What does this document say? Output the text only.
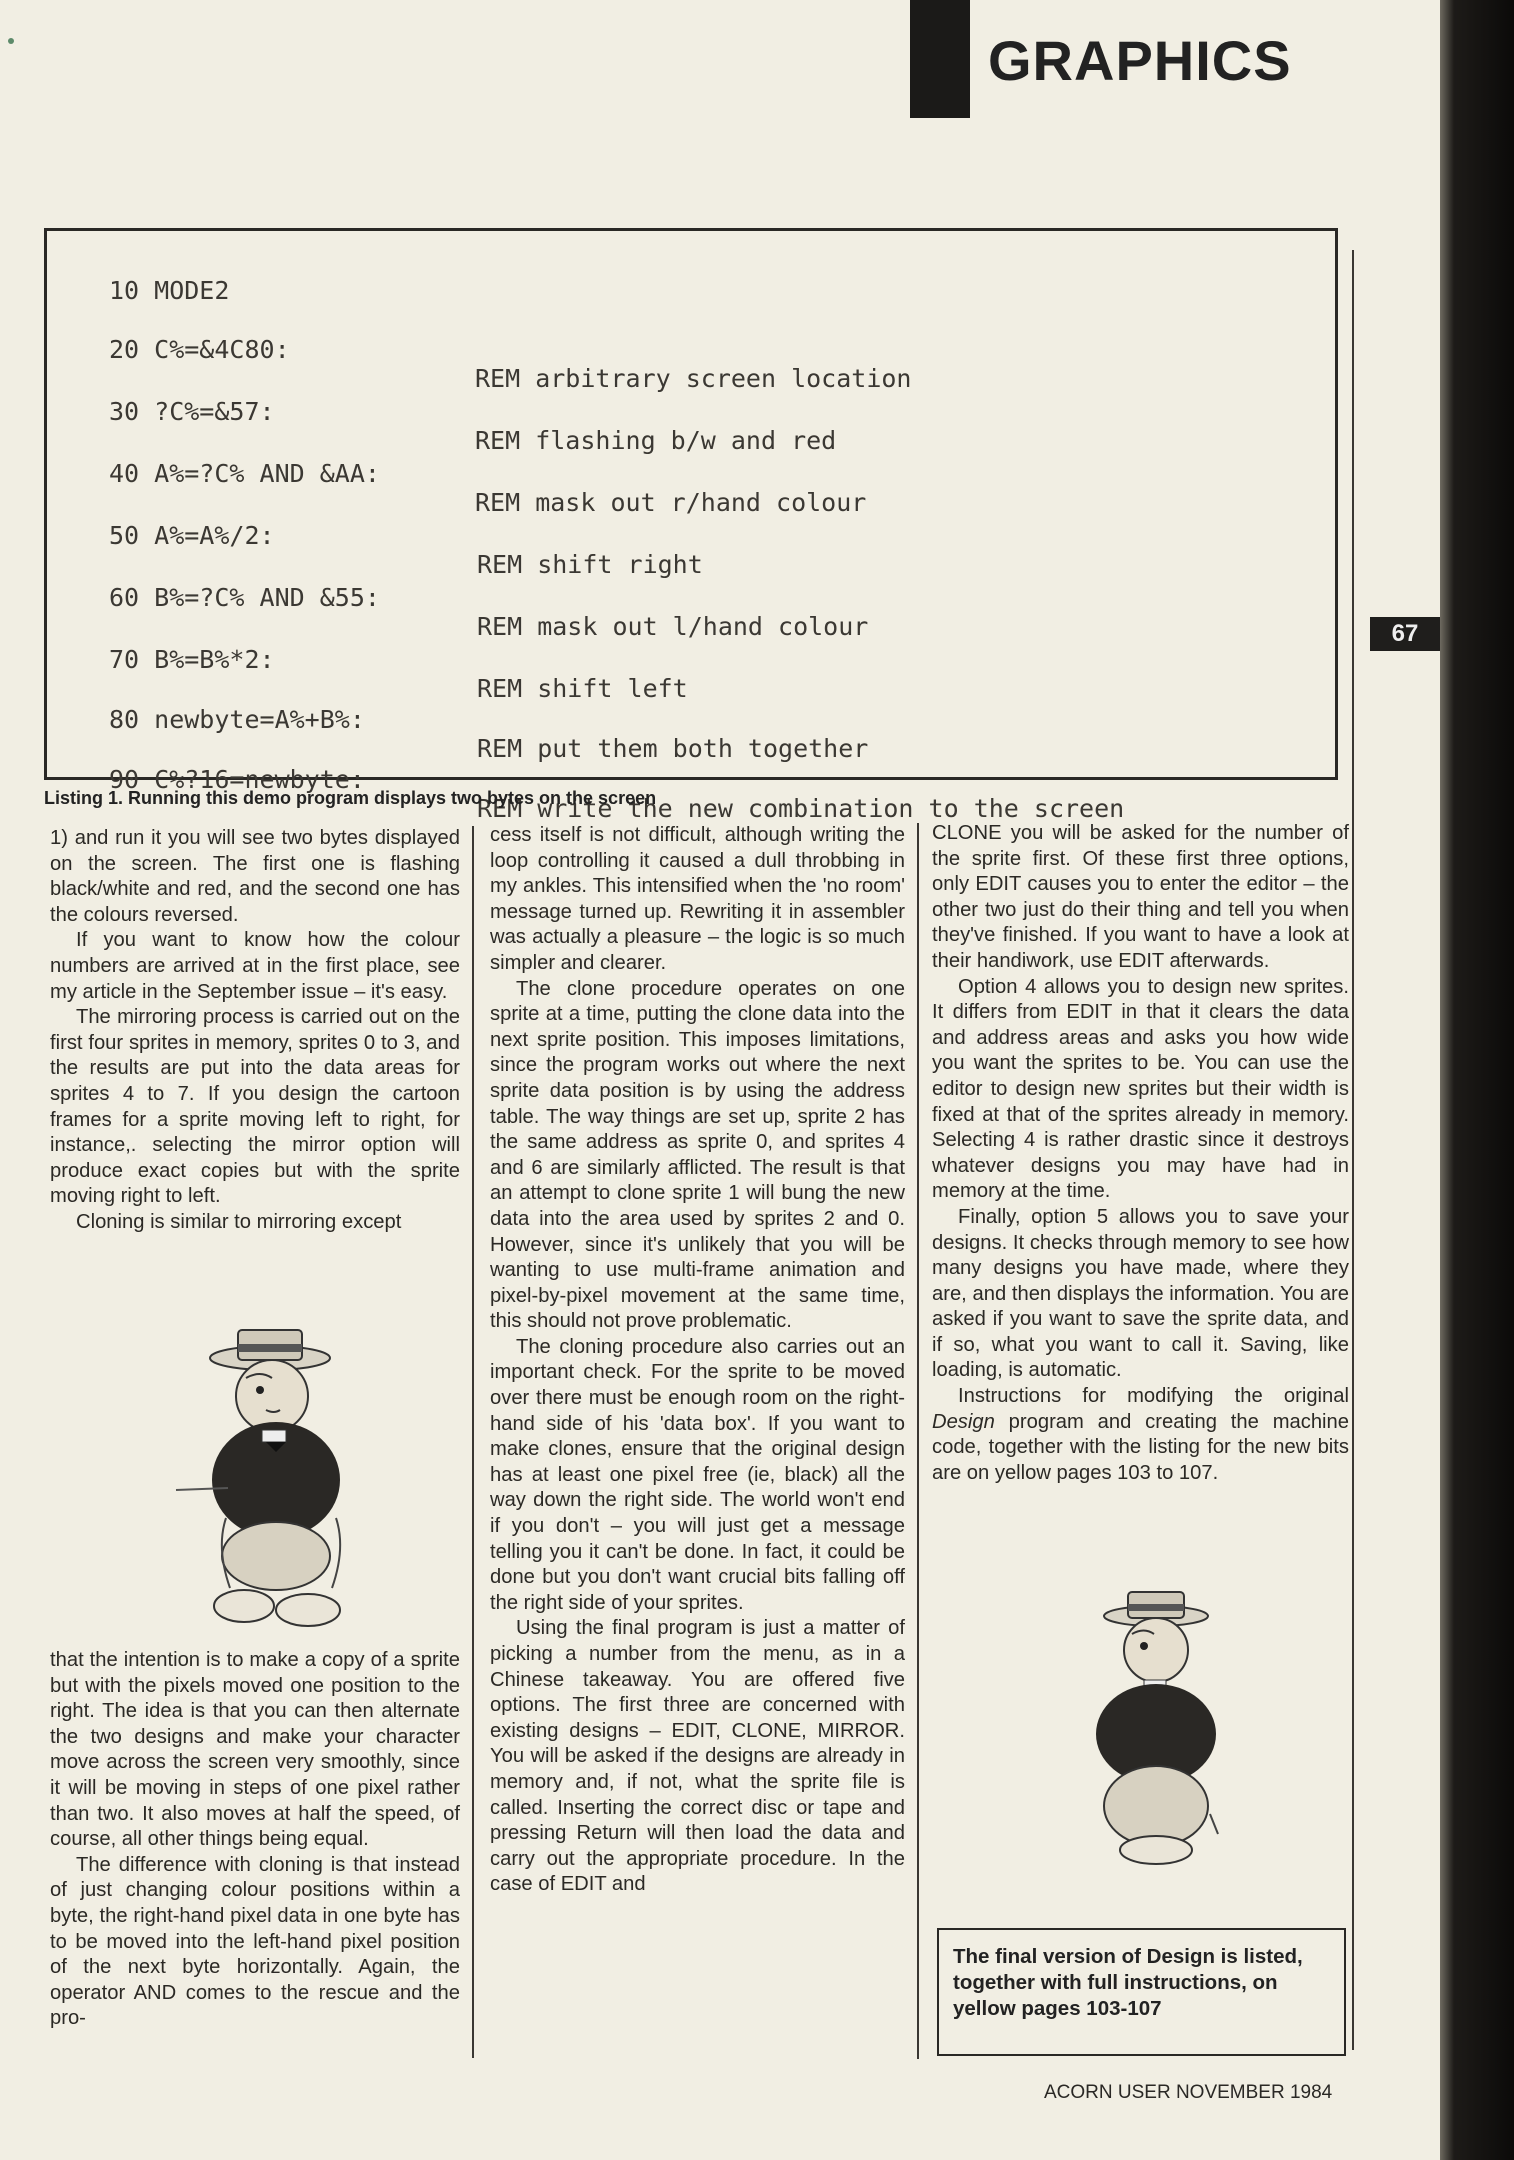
GRAPHICS
67

10 MODE2

20 C%=&4C80:

REM arbitrary screen location

30 ?C%=&57:

REM flashing b/w and red

40 A%=?C% AND &AA:

REM mask out r/hand colour

50 A%=A%/2:

REM shift right

60 B%=?C% AND &55:

REM mask out l/hand colour

70 B%=B%*2:

REM shift left

80 newbyte=A%+B%:

REM put them both together

90 C%?16=newbyte:

REM write the new combination to the screen

Listing 1. Running this demo program displays two bytes on the screen

1) and run it you will see two bytes displayed on the screen. The first one is flashing black/white and red, and the second one has the colours reversed.

If you want to know how the colour numbers are arrived at in the first place, see my article in the September issue – it's easy.

The mirroring process is carried out on the first four sprites in memory, sprites 0 to 3, and the results are put into the data areas for sprites 4 to 7. If you design the cartoon frames for a sprite moving left to right, for instance,. selecting the mirror option will produce exact copies but with the sprite moving right to left.

Cloning is similar to mirroring except

that the intention is to make a copy of a sprite but with the pixels moved one position to the right. The idea is that you can then alternate the two designs and make your character move across the screen very smoothly, since it will be moving in steps of one pixel rather than two. It also moves at half the speed, of course, all other things being equal.

The difference with cloning is that instead of just changing colour positions within a byte, the right-hand pixel data in one byte has to be moved into the left-hand pixel position of the next byte horizontally. Again, the operator AND comes to the rescue and the pro-

cess itself is not difficult, although writing the loop controlling it caused a dull throbbing in my ankles. This intensified when the 'no room' message turned up. Rewriting it in assembler was actually a pleasure – the logic is so much simpler and clearer.

The clone procedure operates on one sprite at a time, putting the clone data into the next sprite position. This imposes limitations, since the program works out where the next sprite data position is by using the address table. The way things are set up, sprite 2 has the same address as sprite 0, and sprites 4 and 6 are similarly afflicted. The result is that an attempt to clone sprite 1 will bung the new data into the area used by sprites 2 and 0. However, since it's unlikely that you will be wanting to use multi-frame animation and pixel-by-pixel movement at the same time, this should not prove problematic.

The cloning procedure also carries out an important check. For the sprite to be moved over there must be enough room on the right-hand side of his 'data box'. If you want to make clones, ensure that the original design has at least one pixel free (ie, black) all the way down the right side. The world won't end if you don't – you will just get a message telling you it can't be done. In fact, it could be done but you don't want crucial bits falling off the right side of your sprites.

Using the final program is just a matter of picking a number from the menu, as in a Chinese takeaway. You are offered five options. The first three are concerned with existing designs – EDIT, CLONE, MIRROR. You will be asked if the designs are already in memory and, if not, what the sprite file is called. Inserting the correct disc or tape and pressing Return will then load the data and carry out the appropriate procedure. In the case of EDIT and

CLONE you will be asked for the number of the sprite first. Of these first three options, only EDIT causes you to enter the editor – the other two just do their thing and tell you when they've finished. If you want to have a look at their handiwork, use EDIT afterwards.

Option 4 allows you to design new sprites. It differs from EDIT in that it clears the data and address areas and asks you how wide you want the sprites to be. You can use the editor to design new sprites but their width is fixed at that of the sprites already in memory. Selecting 4 is rather drastic since it destroys whatever designs you may have had in memory at the time.

Finally, option 5 allows you to save your designs. It checks through memory to see how many designs you have made, where they are, and then displays the information. You are asked if you want to save the sprite data, and if so, what you want to call it. Saving, like loading, is automatic.

Instructions for modifying the original Design program and creating the machine code, together with the listing for the new bits are on yellow pages 103 to 107.

The final version of Design is listed, together with full instructions, on yellow pages 103-107
ACORN USER NOVEMBER 1984
